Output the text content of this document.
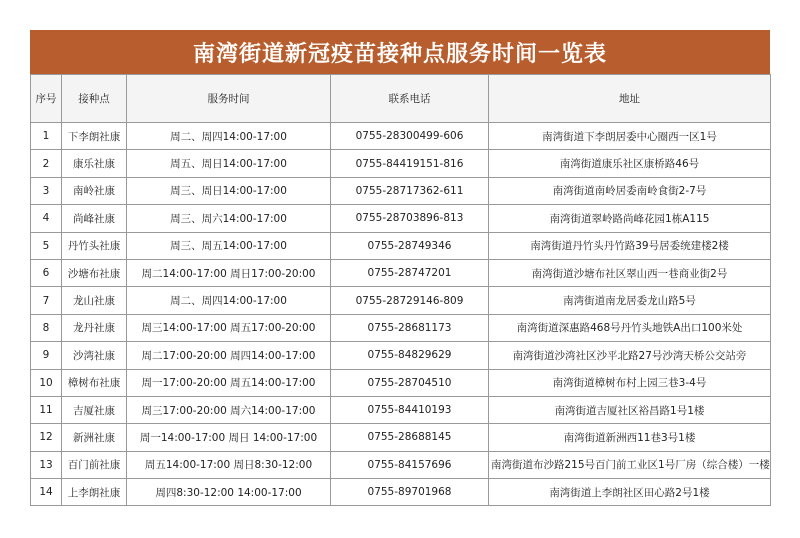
南湾街道新冠疫苗接种点服务时间一览表
序号	接种点	服务时间	联系电话	地址
1	下李朗社康	周二、周四14:00-17:00	0755-28300499-606	南湾街道下李朗居委中心圈西一区1号
2	康乐社康	周五、周日14:00-17:00	0755-84419151-816	南湾街道康乐社区康桥路46号
3	南岭社康	周三、周日14:00-17:00	0755-28717362-611	南湾街道南岭居委南岭食街2-7号
4	尚峰社康	周三、周六14:00-17:00	0755-28703896-813	南湾街道翠岭路尚峰花园1栋A115
5	丹竹头社康	周三、周五14:00-17:00	0755-28749346	南湾街道丹竹头丹竹路39号居委统建楼2楼
6	沙塘布社康	周二14:00-17:00 周日17:00-20:00	0755-28747201	南湾街道沙塘布社区翠山西一巷商业街2号
7	龙山社康	周二、周四14:00-17:00	0755-28729146-809	南湾街道南龙居委龙山路5号
8	龙丹社康	周三14:00-17:00 周五17:00-20:00	0755-28681173	南湾街道深惠路468号丹竹头地铁A出口100米处
9	沙湾社康	周二17:00-20:00 周四14:00-17:00	0755-84829629	南湾街道沙湾社区沙平北路27号沙湾天桥公交站旁
10	樟树布社康	周一17:00-20:00 周五14:00-17:00	0755-28704510	南湾街道樟树布村上园三巷3-4号
11	吉厦社康	周三17:00-20:00 周六14:00-17:00	0755-84410193	南湾街道吉厦社区裕昌路1号1楼
12	新洲社康	周一14:00-17:00 周日 14:00-17:00	0755-28688145	南湾街道新洲西11巷3号1楼
13	百门前社康	周五14:00-17:00 周日8:30-12:00	0755-84157696	南湾街道布沙路215号百门前工业区1号厂房（综合楼）一楼
14	上李朗社康	周四8:30-12:00 14:00-17:00	0755-89701968	南湾街道上李朗社区田心路2号1楼
